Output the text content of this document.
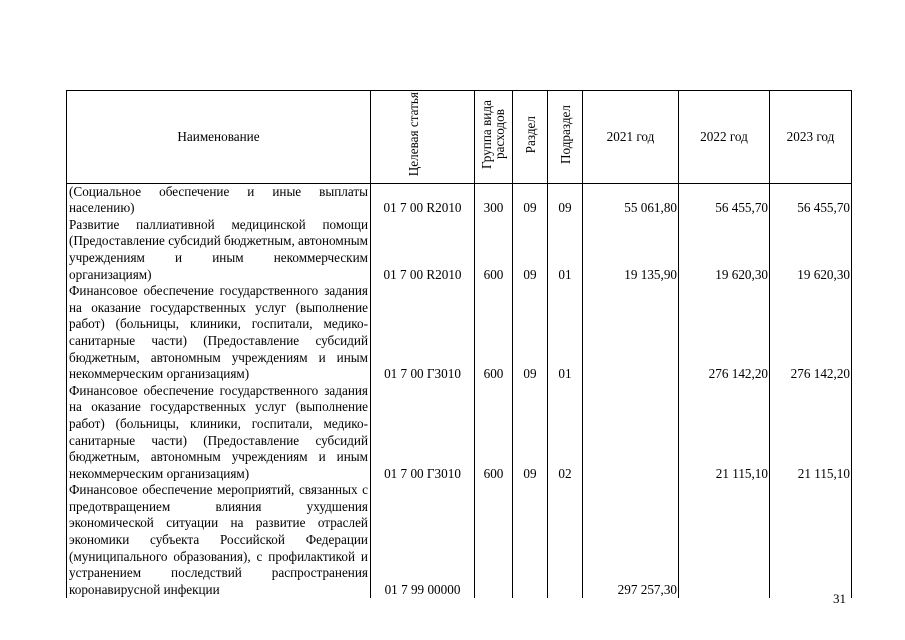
Наименование	Целевая статья	Группа вида расходов	Раздел	Подраздел	2021 год	2022 год	2023 год
(Социальное обеспечение и иные выплаты населению)	01 7 00 R2010	300	09	09	55 061,80	56 455,70	56 455,70
Развитие паллиативной медицинской помощи (Предоставление субсидий бюджетным, автономным учреждениям и иным некоммерческим организациям)	01 7 00 R2010	600	09	01	19 135,90	19 620,30	19 620,30
Финансовое обеспечение государственного задания на оказание государственных услуг (выполнение работ) (больницы, клиники, госпитали, медико-санитарные части) (Предоставление субсидий бюджетным, автономным учреждениям и иным некоммерческим организациям)	01 7 00 Г3010	600	09	01		276 142,20	276 142,20
Финансовое обеспечение государственного задания на оказание государственных услуг (выполнение работ) (больницы, клиники, госпитали, медико-санитарные части) (Предоставление субсидий бюджетным, автономным учреждениям и иным некоммерческим организациям)	01 7 00 Г3010	600	09	02		21 115,10	21 115,10
Финансовое обеспечение мероприятий, связанных с предотвращением влияния ухудшения экономической ситуации на развитие отраслей экономики субъекта Российской Федерации (муниципального образования), с профилактикой и устранением последствий распространения коронавирусной инфекции	01 7 99 00000				297 257,30		
31
